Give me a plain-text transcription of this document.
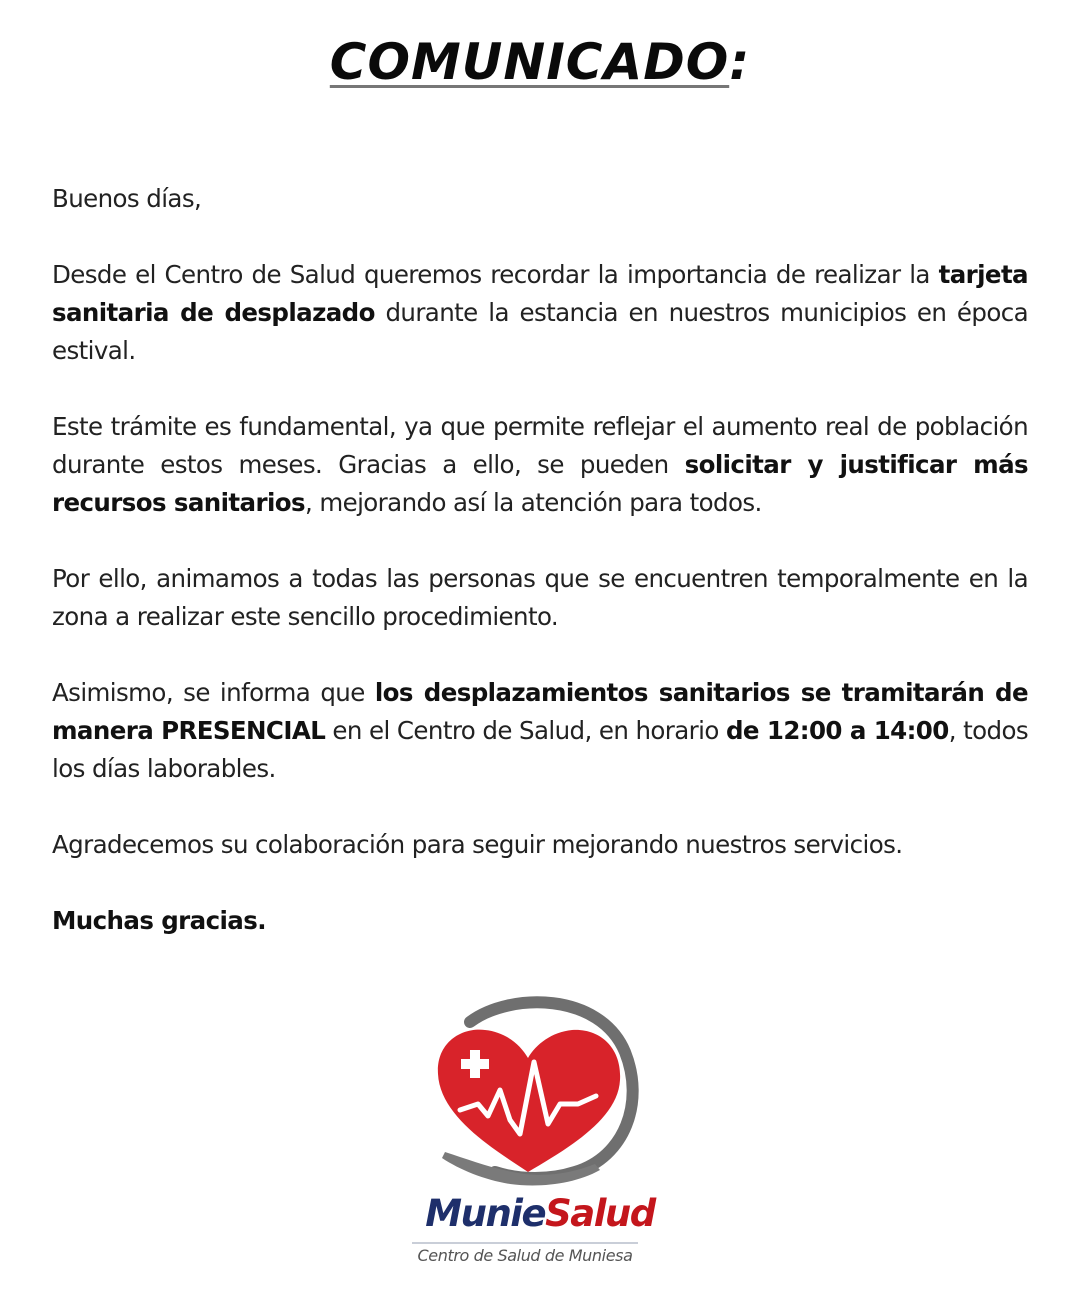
COMUNICADO:

Buenos días,

Desde el Centro de Salud queremos recordar la importancia de realizar la tarjeta sanitaria de desplazado durante la estancia en nuestros municipios en época estival.

Este trámite es fundamental, ya que permite reflejar el aumento real de población durante estos meses. Gracias a ello, se pueden solicitar y justificar más recursos sanitarios, mejorando así la atención para todos.

Por ello, animamos a todas las personas que se encuentren temporalmente en la zona a realizar este sencillo procedimiento.

Asimismo, se informa que los desplazamientos sanitarios se tramitarán de manera PRESENCIAL en el Centro de Salud, en horario de 12:00 a 14:00, todos los días laborables.

Agradecemos su colaboración para seguir mejorando nuestros servicios.

Muchas gracias.

MunieSalud
Centro de Salud de Muniesa
